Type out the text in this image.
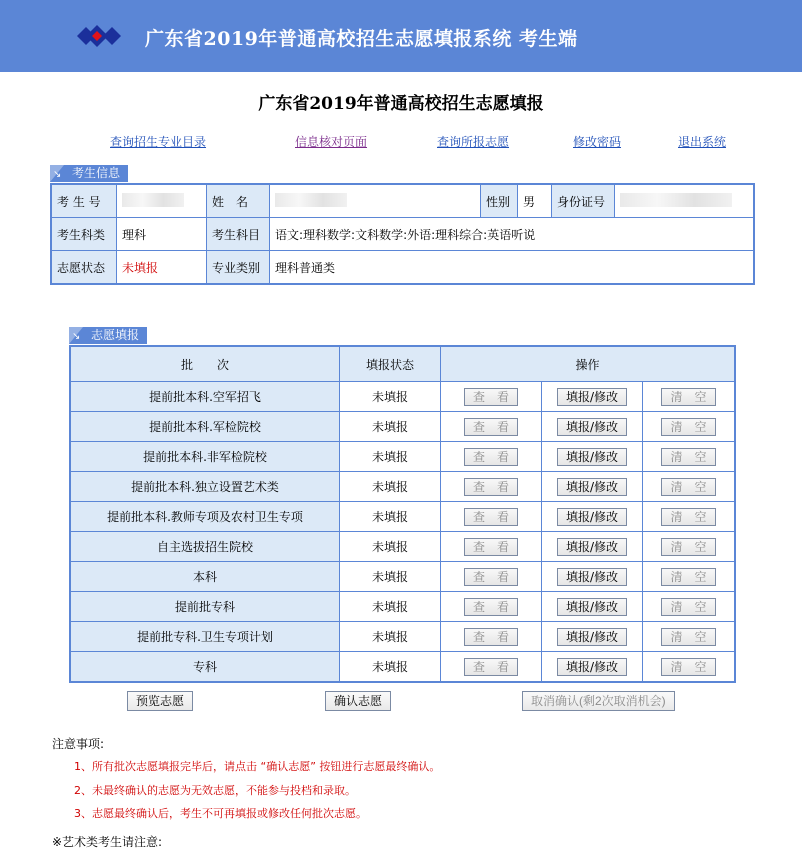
广东省2019年普通高校招生志愿填报系统 考生端
广东省2019年普通高校招生志愿填报
查询招生专业目录	信息核对页面	查询所报志愿	修改密码	退出系统
↘ 考生信息
考 生 号		姓　名		性别	男	身份证号	
考生科类	理科	考生科目	语文:理科数学:文科数学:外语:理科综合:英语听说				
志愿状态	未填报	专业类别	理科普通类				
↘ 志愿填报
批　　次	填报状态	操作		
提前批本科.空军招飞	未填报	查　看	填报/修改	清　空
提前批本科.军检院校	未填报	查　看	填报/修改	清　空
提前批本科.非军检院校	未填报	查　看	填报/修改	清　空
提前批本科.独立设置艺术类	未填报	查　看	填报/修改	清　空
提前批本科.教师专项及农村卫生专项	未填报	查　看	填报/修改	清　空
自主选拔招生院校	未填报	查　看	填报/修改	清　空
本科	未填报	查　看	填报/修改	清　空
提前批专科	未填报	查　看	填报/修改	清　空
提前批专科.卫生专项计划	未填报	查　看	填报/修改	清　空
专科	未填报	查　看	填报/修改	清　空
预览志愿	确认志愿	取消确认(剩2次取消机会)
注意事项:
1、所有批次志愿填报完毕后，请点击 “确认志愿” 按钮进行志愿最终确认。
2、未最终确认的志愿为无效志愿，不能参与投档和录取。
3、志愿最终确认后，考生不可再填报或修改任何批次志愿。
※艺术类考生请注意:
